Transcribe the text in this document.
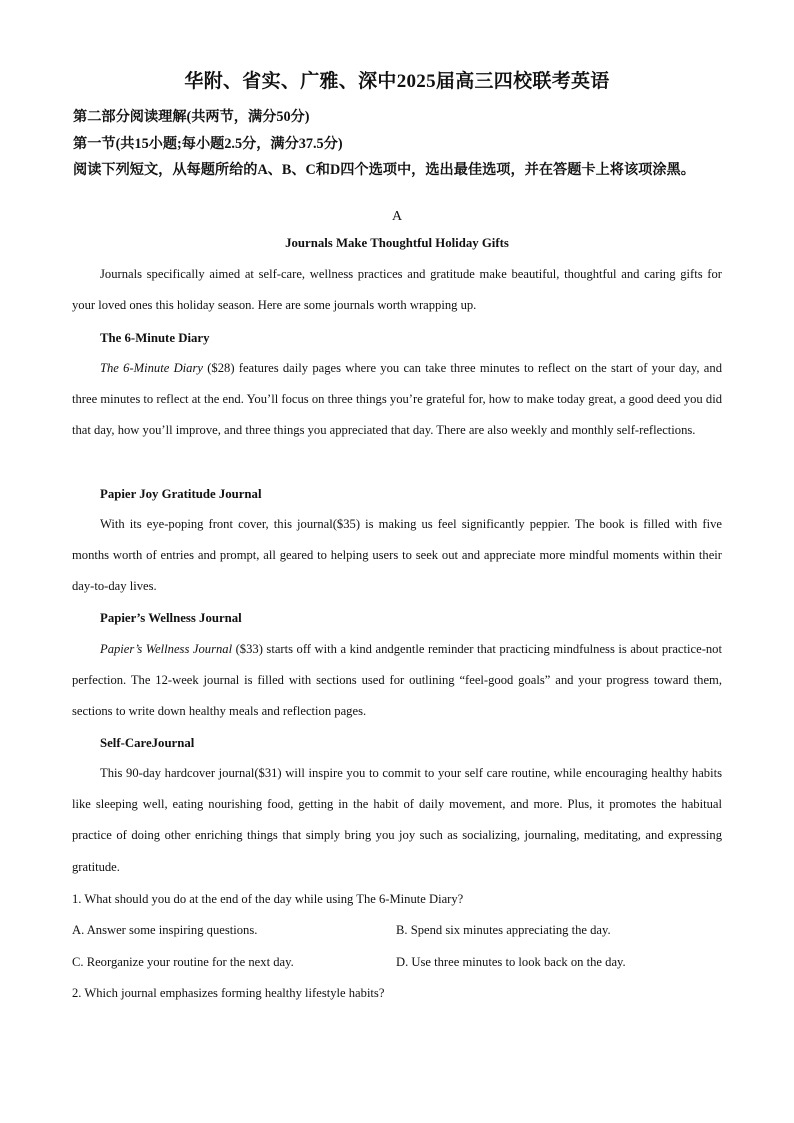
华附、省实、广雅、深中2025届高三四校联考英语
第二部分阅读理解(共两节，满分50分)
第一节(共15小题;每小题2.5分，满分37.5分)
阅读下列短文，从每题所给的A、B、C和D四个选项中，选出最佳选项，并在答题卡上将该项涂黑。
A
Journals Make Thoughtful Holiday Gifts

Journals specifically aimed at self-care, wellness practices and gratitude make beautiful, thoughtful and caring gifts for your loved ones this holiday season. Here are some journals worth wrapping up.

The 6-Minute Diary

The 6-Minute Diary ($28) features daily pages where you can take three minutes to reflect on the start of your day, and three minutes to reflect at the end. You’ll focus on three things you’re grateful for, how to make today great, a good deed you did that day, how you’ll improve, and three things you appreciated that day. There are also weekly and monthly self-reflections.

Papier Joy Gratitude Journal

With its eye-poping front cover, this journal($35) is making us feel significantly peppier. The book is filled with five months worth of entries and prompt, all geared to helping users to seek out and appreciate more mindful moments within their day-to-day lives.

Papier’s Wellness Journal

Papier’s Wellness Journal ($33) starts off with a kind andgentle reminder that practicing mindfulness is about practice-not perfection. The 12-week journal is filled with sections used for outlining “feel-good goals” and your progress toward them, sections to write down healthy meals and reflection pages.

Self-CareJournal

This 90-day hardcover journal($31) will inspire you to commit to your self care routine, while encouraging healthy habits like sleeping well, eating nourishing food, getting in the habit of daily movement, and more. Plus, it promotes the habitual practice of doing other enriching things that simply bring you joy such as socializing, journaling, meditating, and expressing gratitude.

1. What should you do at the end of the day while using The 6-Minute Diary?
A. Answer some inspiring questions.	B. Spend six minutes appreciating the day.
C. Reorganize your routine for the next day.	D. Use three minutes to look back on the day.
2. Which journal emphasizes forming healthy lifestyle habits?
